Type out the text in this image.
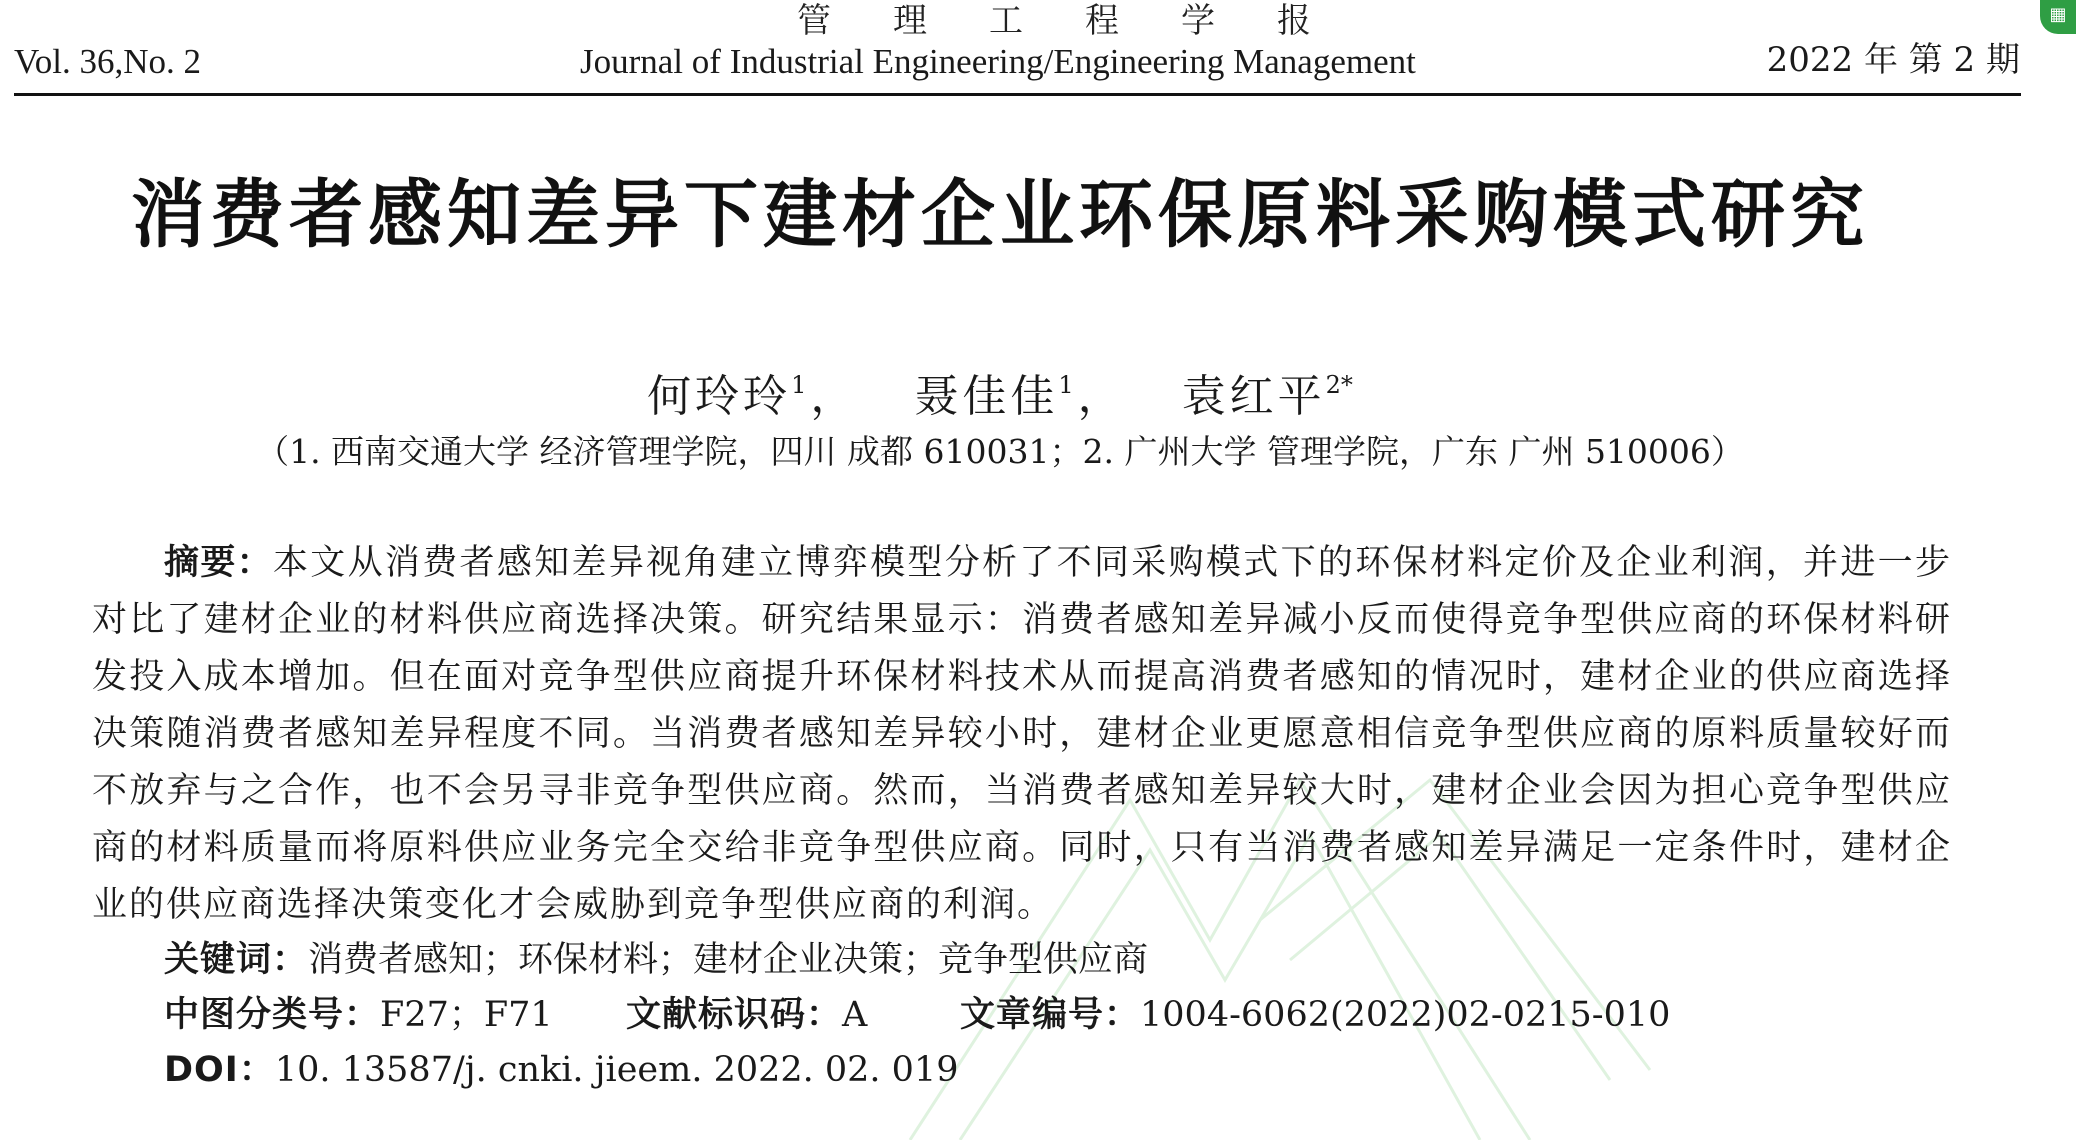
管理工程学报
Vol. 36,No. 2	Journal of Industrial Engineering/Engineering Management	2022 年 第 2 期
▦
消费者感知差异下建材企业环保原料采购模式研究
何玲玲$^1$， 聂佳佳$^1$， 袁红平$^{2*}$
（1. 西南交通大学 经济管理学院，四川 成都 610031；2. 广州大学 管理学院，广东 广州 510006）
摘要：本文从消费者感知差异视角建立博弈模型分析了不同采购模式下的环保材料定价及企业利润，并进一步对比了建材企业的材料供应商选择决策。研究结果显示：消费者感知差异减小反而使得竞争型供应商的环保材料研发投入成本增加。但在面对竞争型供应商提升环保材料技术从而提高消费者感知的情况时，建材企业的供应商选择决策随消费者感知差异程度不同。当消费者感知差异较小时，建材企业更愿意相信竞争型供应商的原料质量较好而不放弃与之合作，也不会另寻非竞争型供应商。然而，当消费者感知差异较大时，建材企业会因为担心竞争型供应商的材料质量而将原料供应业务完全交给非竞争型供应商。同时，只有当消费者感知差异满足一定条件时，建材企业的供应商选择决策变化才会威胁到竞争型供应商的利润。
关键词：消费者感知；环保材料；建材企业决策；竞争型供应商
中图分类号：F27；F71 文献标识码：A	文章编号：1004-6062(2022)02-0215-010
DOI：10. 13587/j. cnki. jieem. 2022. 02. 019
